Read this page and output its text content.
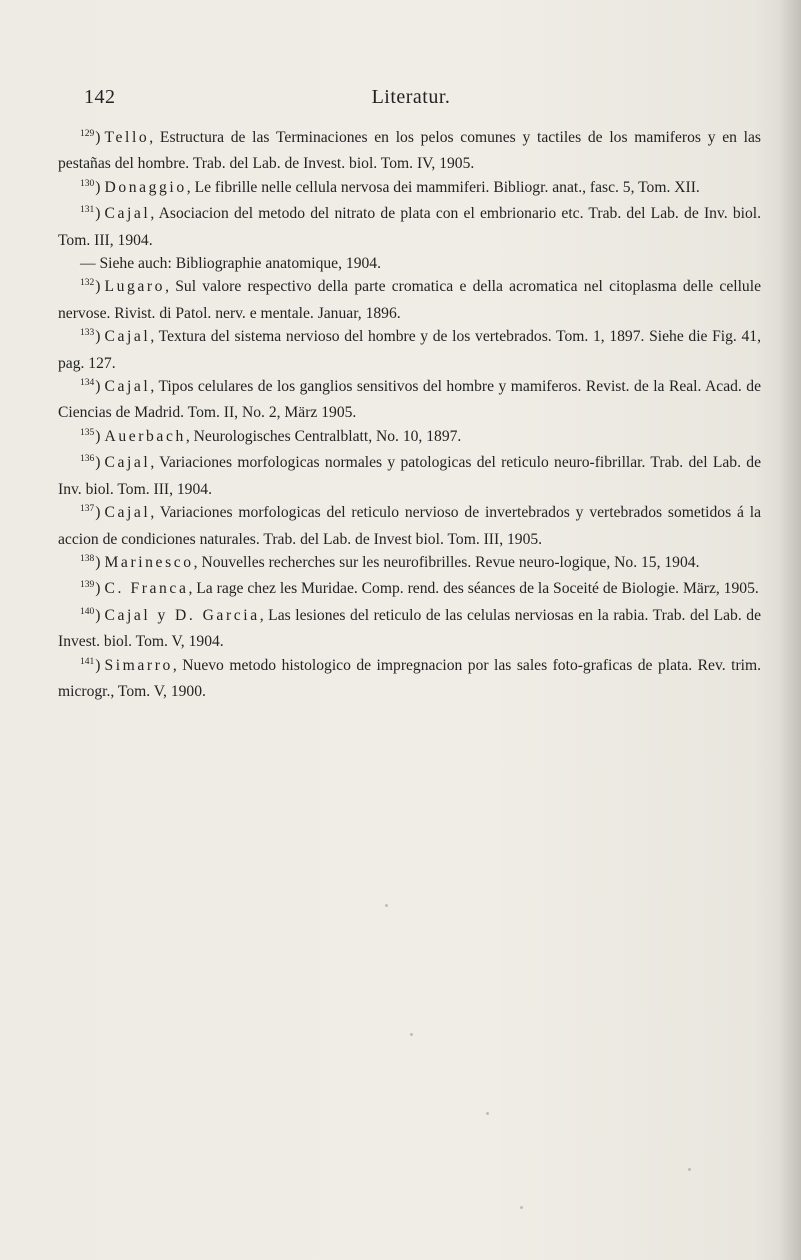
142	Literatur.

$^{129}$) Tello, Estructura de las Terminaciones en los pelos comunes y tactiles de los mamiferos y en las pestañas del hombre. Trab. del Lab. de Invest. biol. Tom. IV, 1905.

$^{130}$) Donaggio, Le fibrille nelle cellula nervosa dei mammiferi. Bibliogr. anat., fasc. 5, Tom. XII.

$^{131}$) Cajal, Asociacion del metodo del nitrato de plata con el embrionario etc. Trab. del Lab. de Inv. biol. Tom. III, 1904.

— Siehe auch: Bibliographie anatomique, 1904.

$^{132}$) Lugaro, Sul valore respectivo della parte cromatica e della acromatica nel citoplasma delle cellule nervose. Rivist. di Patol. nerv. e mentale. Januar, 1896.

$^{133}$) Cajal, Textura del sistema nervioso del hombre y de los vertebrados. Tom. 1, 1897. Siehe die Fig. 41, pag. 127.

$^{134}$) Cajal, Tipos celulares de los ganglios sensitivos del hombre y mamiferos. Revist. de la Real. Acad. de Ciencias de Madrid. Tom. II, No. 2, März 1905.

$^{135}$) Auerbach, Neurologisches Centralblatt, No. 10, 1897.

$^{136}$) Cajal, Variaciones morfologicas normales y patologicas del reticulo neuro-fibrillar. Trab. del Lab. de Inv. biol. Tom. III, 1904.

$^{137}$) Cajal, Variaciones morfologicas del reticulo nervioso de invertebrados y vertebrados sometidos á la accion de condiciones naturales. Trab. del Lab. de Invest biol. Tom. III, 1905.

$^{138}$) Marinesco, Nouvelles recherches sur les neurofibrilles. Revue neuro-logique, No. 15, 1904.

$^{139}$) C. Franca, La rage chez les Muridae. Comp. rend. des séances de la Soceité de Biologie. März, 1905.

$^{140}$) Cajal y D. Garcia, Las lesiones del reticulo de las celulas nerviosas en la rabia. Trab. del Lab. de Invest. biol. Tom. V, 1904.

$^{141}$) Simarro, Nuevo metodo histologico de impregnacion por las sales foto-graficas de plata. Rev. trim. microgr., Tom. V, 1900.
